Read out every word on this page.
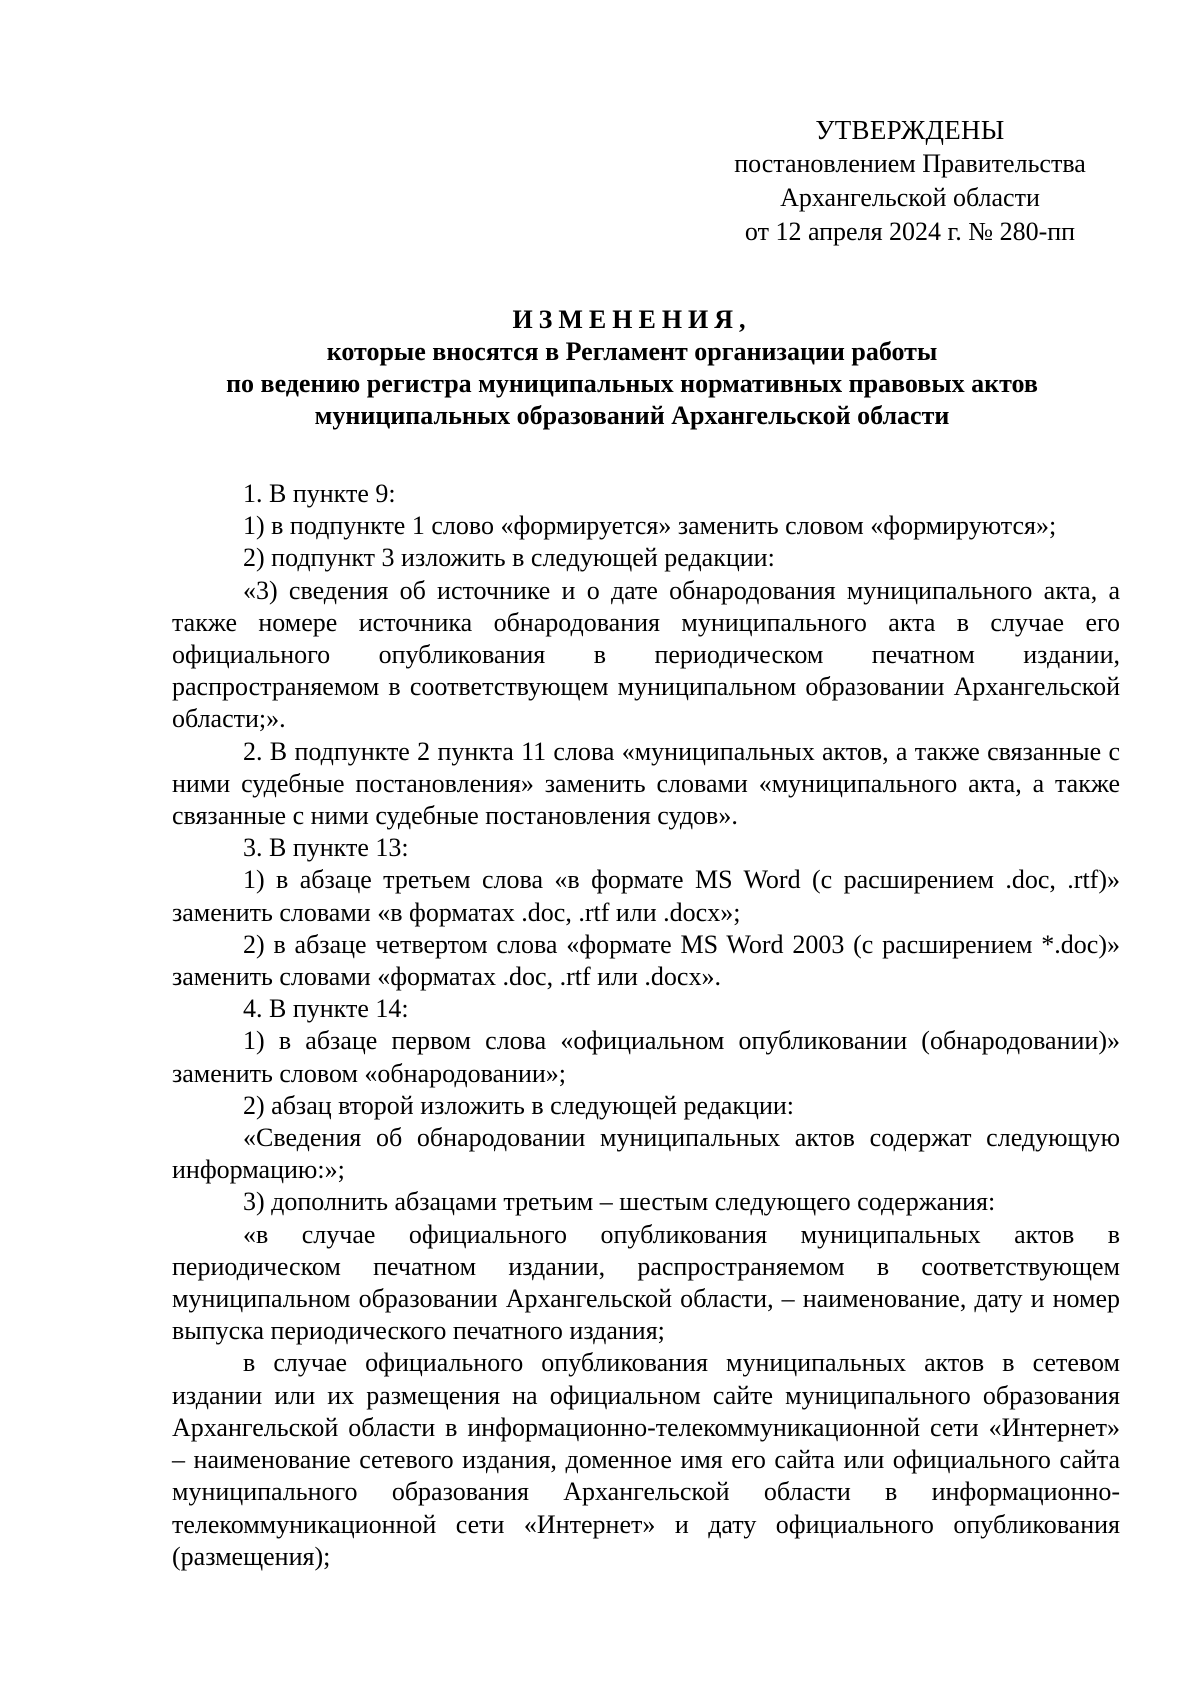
УТВЕРЖДЕНЫ
постановлением Правительства
Архангельской области
от 12 апреля 2024 г. № 280-пп
ИЗМЕНЕНИЯ,
которые вносятся в Регламент организации работы
по ведению регистра муниципальных нормативных правовых актов
муниципальных образований Архангельской области

1. В пункте 9:

1) в подпункте 1 слово «формируется» заменить словом «формируются»;

2) подпункт 3 изложить в следующей редакции:

«3) сведения об источнике и о дате обнародования муниципального акта, а также номере источника обнародования муниципального акта в случае его официального опубликования в периодическом печатном издании, распространяемом в соответствующем муниципальном образовании Архангельской области;».

2. В подпункте 2 пункта 11 слова «муниципальных актов, а также связанные с ними судебные постановления» заменить словами «муниципального акта, а также связанные с ними судебные постановления судов».

3. В пункте 13:

1) в абзаце третьем слова «в формате MS Word (с расширением .doc, .rtf)» заменить словами «в форматах .doc, .rtf или .docx»;

2) в абзаце четвертом слова «формате MS Word 2003 (с расширением *.doc)» заменить словами «форматах .doc, .rtf или .docx».

4. В пункте 14:

1) в абзаце первом слова «официальном опубликовании (обнародовании)» заменить словом «обнародовании»;

2) абзац второй изложить в следующей редакции:

«Сведения об обнародовании муниципальных актов содержат следующую информацию:»;

3) дополнить абзацами третьим – шестым следующего содержания:

«в случае официального опубликования муниципальных актов в периодическом печатном издании, распространяемом в соответствующем муниципальном образовании Архангельской области, – наименование, дату и номер выпуска периодического печатного издания;

в случае официального опубликования муниципальных актов в сетевом издании или их размещения на официальном сайте муниципального образования Архангельской области в информационно-телекоммуникационной сети «Интернет» – наименование сетевого издания, доменное имя его сайта или официального сайта муниципального образования Архангельской области в информационно-телекоммуникационной сети «Интернет» и дату официального опубликования (размещения);
